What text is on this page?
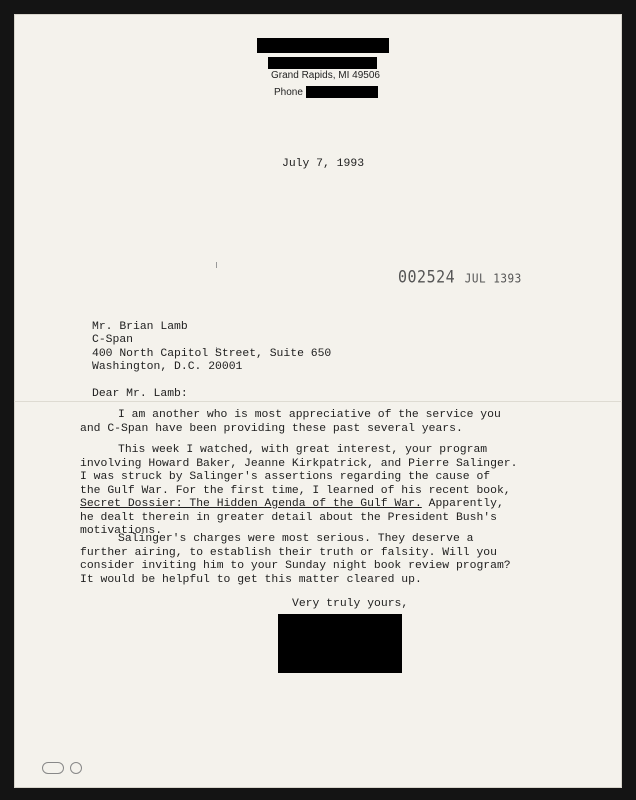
Grand Rapids, MI 49506
Phone
July 7, 1993
002524 JUL 1393
Mr. Brian Lamb
C-Span
400 North Capitol Street, Suite 650
Washington, D.C. 20001
Dear Mr. Lamb:
I am another who is most appreciative of the service you
and C-Span have been providing these past several years.
This week I watched, with great interest, your program
involving Howard Baker, Jeanne Kirkpatrick, and Pierre Salinger.
I was struck by Salinger's assertions regarding the cause of
the Gulf War. For the first time, I learned of his recent book,
Secret Dossier: The Hidden Agenda of the Gulf War. Apparently,
he dealt therein in greater detail about the President Bush's
motivations.
Salinger's charges were most serious. They deserve a
further airing, to establish their truth or falsity. Will you
consider inviting him to your Sunday night book review program?
It would be helpful to get this matter cleared up.
Very truly yours,
